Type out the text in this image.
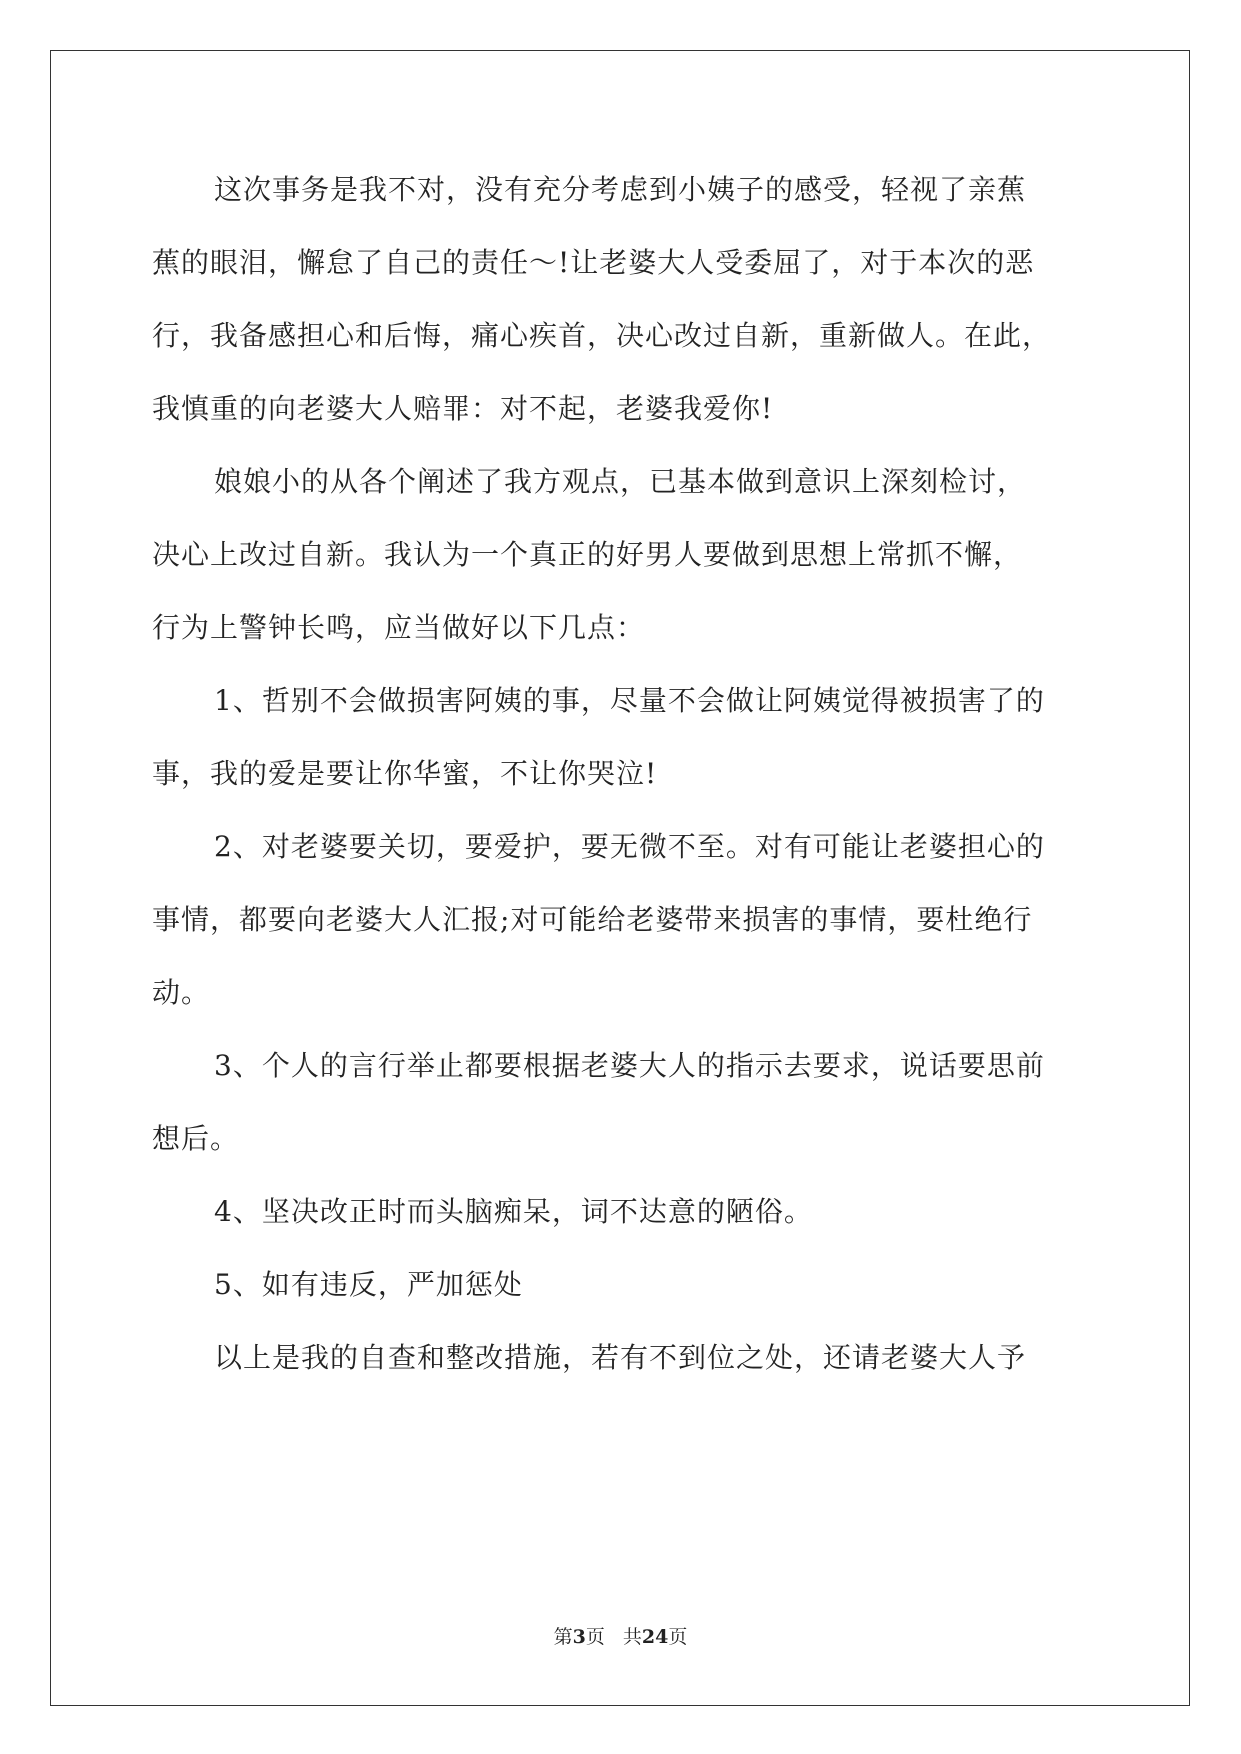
这次事务是我不对，没有充分考虑到小姨子的感受，轻视了亲蕉
蕉的眼泪，懈怠了自己的责任～!让老婆大人受委屈了，对于本次的恶
行，我备感担心和后悔，痛心疾首，决心改过自新，重新做人。在此，
我慎重的向老婆大人赔罪：对不起，老婆我爱你!
娘娘小的从各个阐述了我方观点，已基本做到意识上深刻检讨，
决心上改过自新。我认为一个真正的好男人要做到思想上常抓不懈，
行为上警钟长鸣，应当做好以下几点：
1、哲别不会做损害阿姨的事，尽量不会做让阿姨觉得被损害了的
事，我的爱是要让你华蜜，不让你哭泣!
2、对老婆要关切，要爱护，要无微不至。对有可能让老婆担心的
事情，都要向老婆大人汇报;对可能给老婆带来损害的事情，要杜绝行
动。
3、个人的言行举止都要根据老婆大人的指示去要求，说话要思前
想后。
4、坚决改正时而头脑痴呆，词不达意的陋俗。
5、如有违反，严加惩处
以上是我的自查和整改措施，若有不到位之处，还请老婆大人予
第3页 共24页
